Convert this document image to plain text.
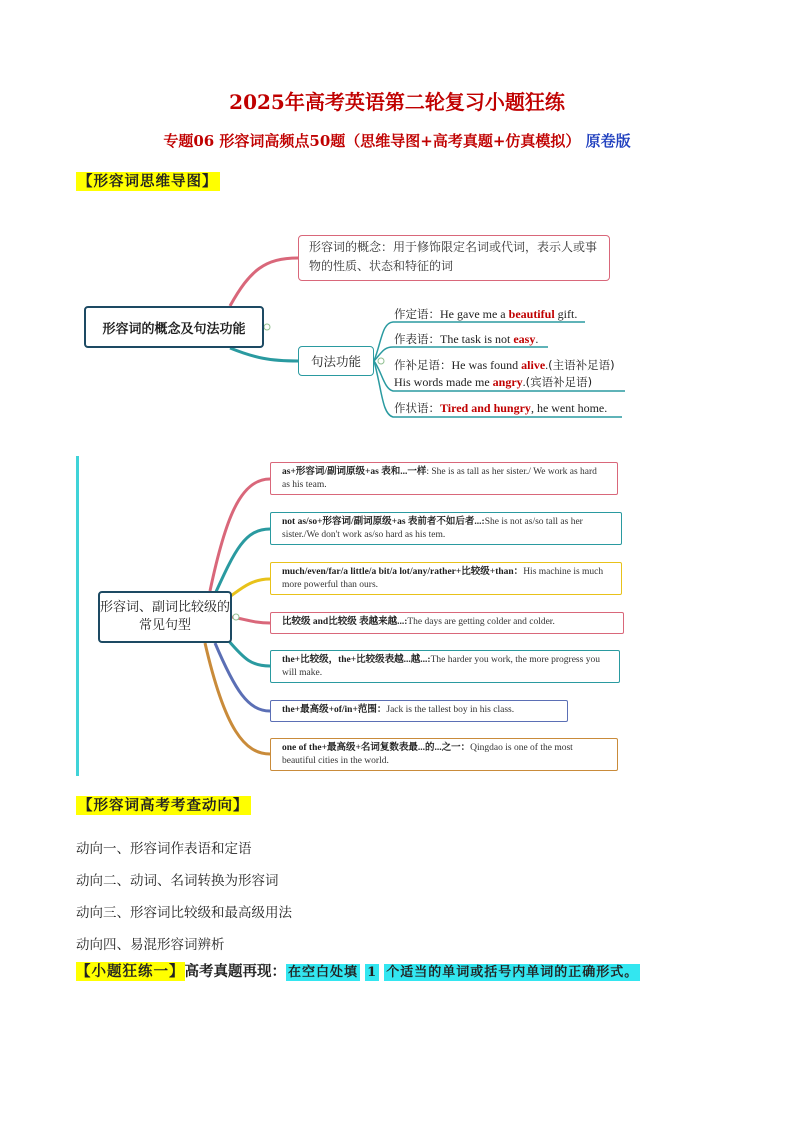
2025年高考英语第二轮复习小题狂练
专题06 形容词高频点50题（思维导图+高考真题+仿真模拟） 原卷版
【形容词思维导图】
形容词的概念及句法功能
形容词的概念：用于修饰限定名词或代词，表示人或事物的性质、状态和特征的词
句法功能
作定语：He gave me a beautiful gift.
作表语：The task is not easy.
作补足语：He was found alive.(主语补足语)
His words made me angry.(宾语补足语)
作状语：Tired and hungry, he went home.
形容词、副词比较级的常见句型
as+形容词/副词原级+as 表和...一样: She is as tall as her sister./ We work as hard as his team.
not as/so+形容词/副词原级+as 表前者不如后者...:She is not as/so tall as her sister./We don't work as/so hard as his tem.
much/even/far/a little/a bit/a lot/any/rather+比较级+than：His machine is much more powerful than ours.
比较级 and比较级 表越来越...:The days are getting colder and colder.
the+比较级，the+比较级表越...越...:The harder you work, the more progress you will make.
the+最高级+of/in+范围：Jack is the tallest boy in his class.
one of the+最高级+名词复数表最...的...之一：Qingdao is one of the most beautiful cities in the world.
【形容词高考考查动向】
动向一、形容词作表语和定语
动向二、动词、名词转换为形容词
动向三、形容词比较级和最高级用法
动向四、易混形容词辨析
【小题狂练一】高考真题再现： 在空白处填 1 个适当的单词或括号内单词的正确形式。
